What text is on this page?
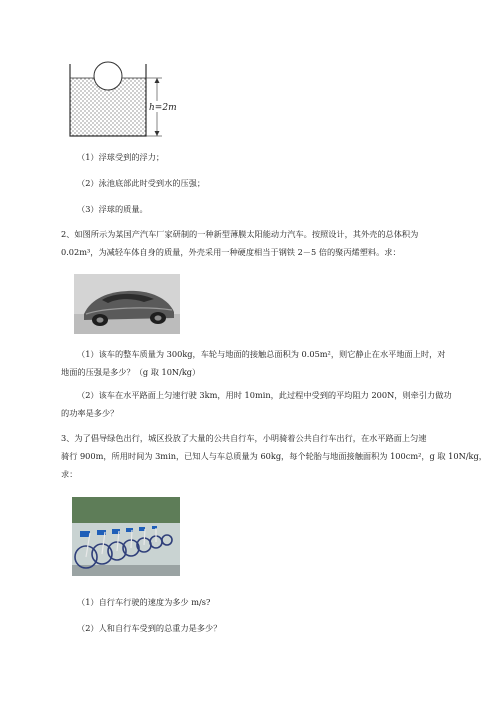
h=2m
（1）浮球受到的浮力；
（2）泳池底部此时受到水的压强；
（3）浮球的质量。
2、如图所示为某国产汽车厂家研制的一种新型薄膜太阳能动力汽车。按照设计，其外壳的总体积为
0.02m³，为减轻车体自身的质量，外壳采用一种硬度相当于钢铁 2－5 倍的聚丙烯塑料。求：
（1）该车的整车质量为 300kg，车轮与地面的接触总面积为 0.05m²，则它静止在水平地面上时，对
地面的压强是多少？（g 取 10N/kg）
（2）该车在水平路面上匀速行驶 3km，用时 10min，此过程中受到的平均阻力 200N，则牵引力做功
的功率是多少？
3、为了倡导绿色出行，城区投放了大量的公共自行车，小明骑着公共自行车出行，在水平路面上匀速
骑行 900m，所用时间为 3min，已知人与车总质量为 60kg，每个轮胎与地面接触面积为 100cm²，g 取 10N/kg，
求：
（1）自行车行驶的速度为多少 m/s?
（2）人和自行车受到的总重力是多少？
